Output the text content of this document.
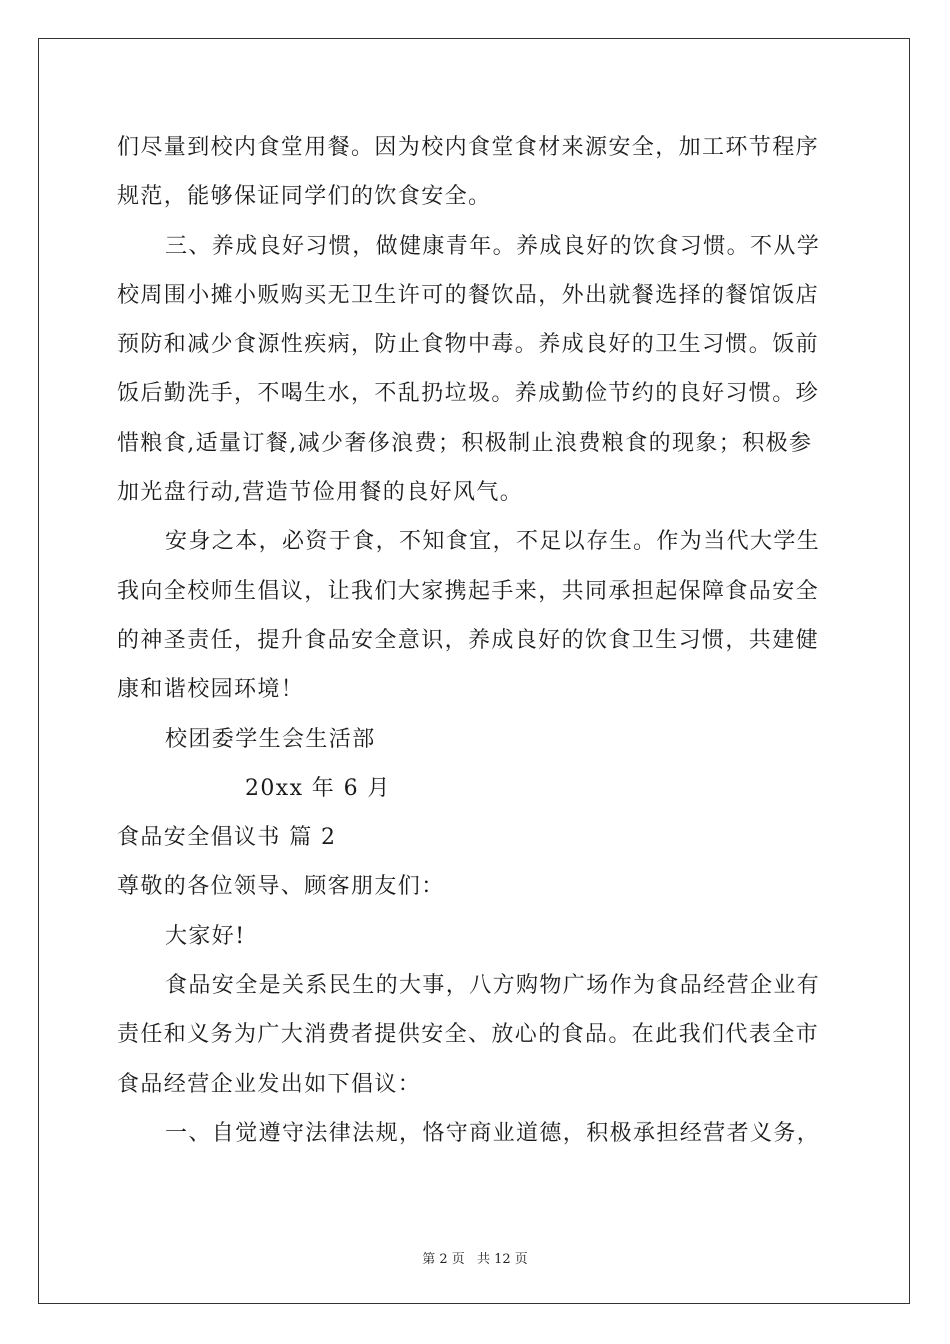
们尽量到校内食堂用餐。因为校内食堂食材来源安全，加工环节程序
规范，能够保证同学们的饮食安全。
三、养成良好习惯，做健康青年。养成良好的饮食习惯。不从学
校周围小摊小贩购买无卫生许可的餐饮品，外出就餐选择的餐馆饭店
预防和减少食源性疾病，防止食物中毒。养成良好的卫生习惯。饭前
饭后勤洗手，不喝生水，不乱扔垃圾。养成勤俭节约的良好习惯。珍
惜粮食,适量订餐,减少奢侈浪费；积极制止浪费粮食的现象；积极参
加光盘行动,营造节俭用餐的良好风气。
安身之本，必资于食，不知食宜，不足以存生。作为当代大学生
我向全校师生倡议，让我们大家携起手来，共同承担起保障食品安全
的神圣责任，提升食品安全意识，养成良好的饮食卫生习惯，共建健
康和谐校园环境！
校团委学生会生活部
20xx 年 6 月
食品安全倡议书 篇 2
尊敬的各位领导、顾客朋友们：
大家好!
食品安全是关系民生的大事，八方购物广场作为食品经营企业有
责任和义务为广大消费者提供安全、放心的食品。在此我们代表全市
食品经营企业发出如下倡议：
一、自觉遵守法律法规，恪守商业道德，积极承担经营者义务，
第 2 页 共 12 页
